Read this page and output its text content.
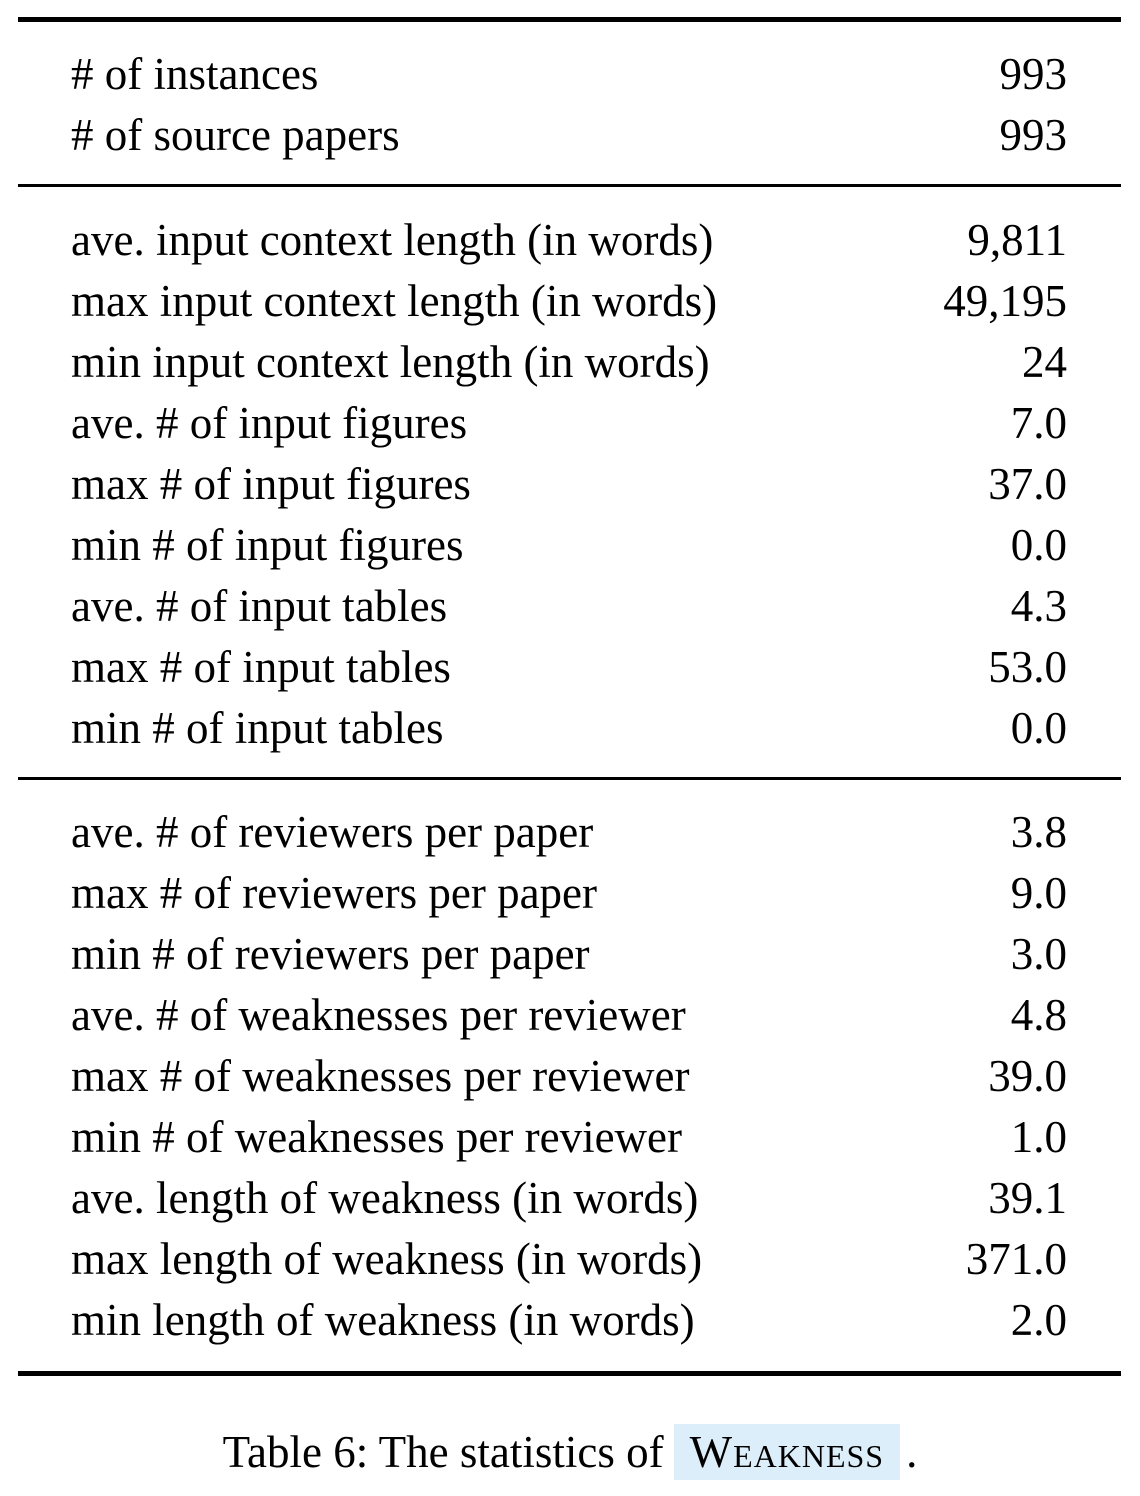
# of instances	993
# of source papers	993
ave. input context length (in words)	9,811
max input context length (in words)	49,195
min input context length (in words)	24
ave. # of input figures	7.0
max # of input figures	37.0
min # of input figures	0.0
ave. # of input tables	4.3
max # of input tables	53.0
min # of input tables	0.0
ave. # of reviewers per paper	3.8
max # of reviewers per paper	9.0
min # of reviewers per paper	3.0
ave. # of weaknesses per reviewer	4.8
max # of weaknesses per reviewer	39.0
min # of weaknesses per reviewer	1.0
ave. length of weakness (in words)	39.1
max length of weakness (in words)	371.0
min length of weakness (in words)	2.0
Table 6: The statistics of Weakness .
